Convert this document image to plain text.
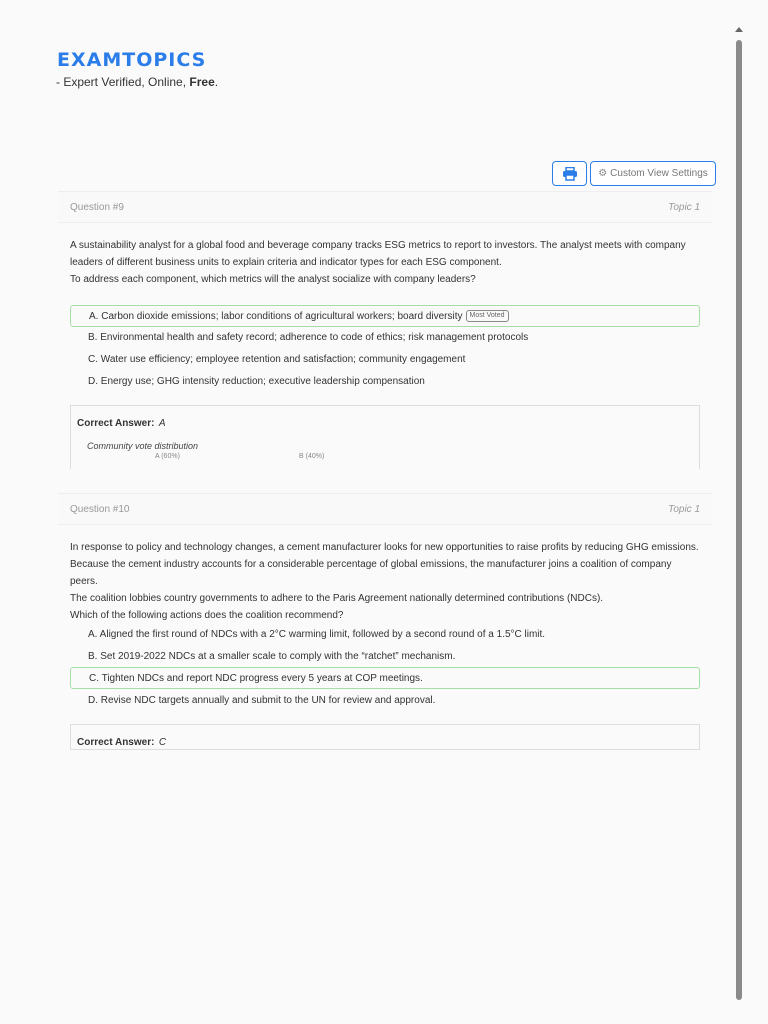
EXAMTOPICS
- Expert Verified, Online, Free.
⚙ Custom View Settings
Question #9	Topic 1
A sustainability analyst for a global food and beverage company tracks ESG metrics to report to investors. The analyst meets with company
leaders of different business units to explain criteria and indicator types for each ESG component.
To address each component, which metrics will the analyst socialize with company leaders?
A. Carbon dioxide emissions; labor conditions of agricultural workers; board diversity	Most Voted
B. Environmental health and safety record; adherence to code of ethics; risk management protocols
C. Water use efficiency; employee retention and satisfaction; community engagement
D. Energy use; GHG intensity reduction; executive leadership compensation
Correct Answer: A
Community vote distribution
A (60%)	B (40%)
Question #10	Topic 1
In response to policy and technology changes, a cement manufacturer looks for new opportunities to raise profits by reducing GHG emissions.
Because the cement industry accounts for a considerable percentage of global emissions, the manufacturer joins a coalition of company peers.
The coalition lobbies country governments to adhere to the Paris Agreement nationally determined contributions (NDCs).
Which of the following actions does the coalition recommend?
A. Aligned the first round of NDCs with a 2°C warming limit, followed by a second round of a 1.5°C limit.
B. Set 2019-2022 NDCs at a smaller scale to comply with the “ratchet” mechanism.
C. Tighten NDCs and report NDC progress every 5 years at COP meetings.
D. Revise NDC targets annually and submit to the UN for review and approval.
Correct Answer: C
